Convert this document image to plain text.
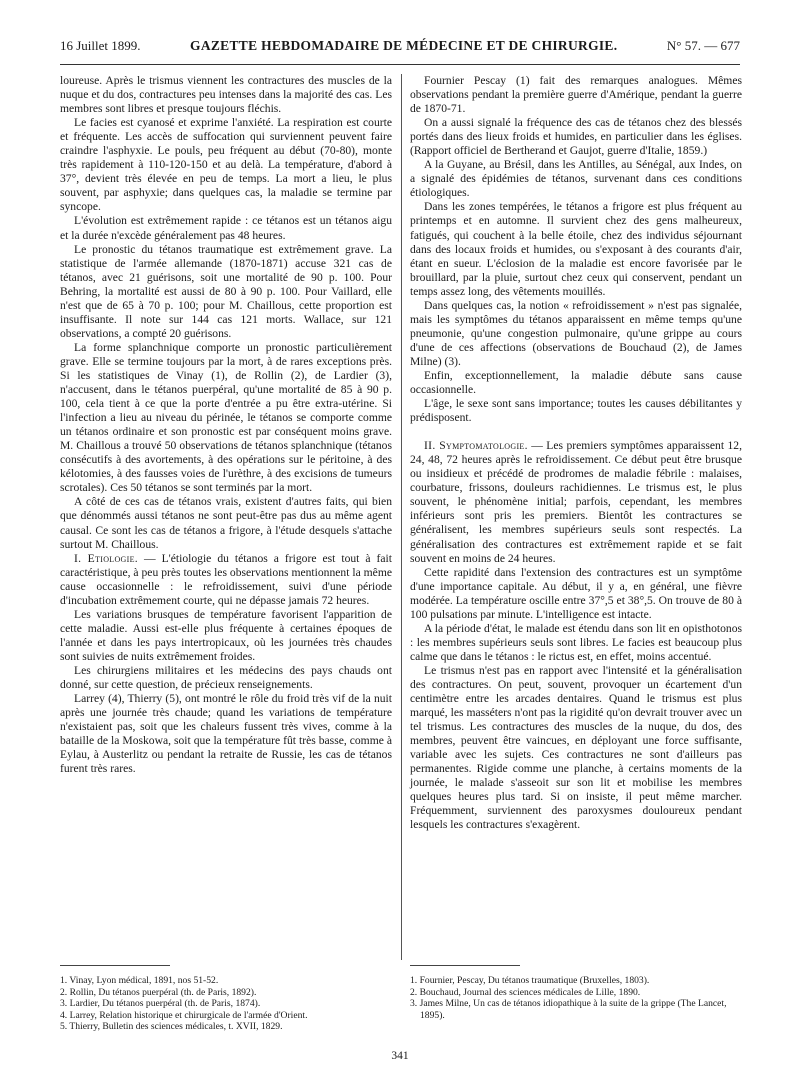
16 Juillet 1899.	GAZETTE HEBDOMADAIRE DE MÉDECINE ET DE CHIRURGIE.	N° 57. — 677

loureuse. Après le trismus viennent les contractures des muscles de la nuque et du dos, contractures peu intenses dans la majorité des cas. Les membres sont libres et presque toujours fléchis.

Le facies est cyanosé et exprime l'anxiété. La respiration est courte et fréquente. Les accès de suffocation qui surviennent peuvent faire craindre l'asphyxie. Le pouls, peu fréquent au début (70-80), monte très rapidement à 110-120-150 et au delà. La température, d'abord à 37°, devient très élevée en peu de temps. La mort a lieu, le plus souvent, par asphyxie; dans quelques cas, la maladie se termine par syncope.

L'évolution est extrêmement rapide : ce tétanos est un tétanos aigu et la durée n'excède généralement pas 48 heures.

Le pronostic du tétanos traumatique est extrêmement grave. La statistique de l'armée allemande (1870-1871) accuse 321 cas de tétanos, avec 21 guérisons, soit une mortalité de 90 p. 100. Pour Behring, la mortalité est aussi de 80 à 90 p. 100. Pour Vaillard, elle n'est que de 65 à 70 p. 100; pour M. Chaillous, cette proportion est insuffisante. Il note sur 144 cas 121 morts. Wallace, sur 121 observations, a compté 20 guérisons.

La forme splanchnique comporte un pronostic particulièrement grave. Elle se termine toujours par la mort, à de rares exceptions près. Si les statistiques de Vinay (1), de Rollin (2), de Lardier (3), n'accusent, dans le tétanos puerpéral, qu'une mortalité de 85 à 90 p. 100, cela tient à ce que la porte d'entrée a pu être extra-utérine. Si l'infection a lieu au niveau du périnée, le tétanos se comporte comme un tétanos ordinaire et son pronostic est par conséquent moins grave. M. Chaillous a trouvé 50 observations de tétanos splanchnique (tétanos consécutifs à des avortements, à des opérations sur le péritoine, à des kélotomies, à des fausses voies de l'urèthre, à des excisions de tumeurs scrotales). Ces 50 tétanos se sont terminés par la mort.

A côté de ces cas de tétanos vrais, existent d'autres faits, qui bien que dénommés aussi tétanos ne sont peut-être pas dus au même agent causal. Ce sont les cas de tétanos a frigore, à l'étude desquels s'attache surtout M. Chaillous.

I. Etiologie. — L'étiologie du tétanos a frigore est tout à fait caractéristique, à peu près toutes les observations mentionnent la même cause occasionnelle : le refroidissement, suivi d'une période d'incubation extrêmement courte, qui ne dépasse jamais 72 heures.

Les variations brusques de température favorisent l'apparition de cette maladie. Aussi est-elle plus fréquente à certaines époques de l'année et dans les pays intertropicaux, où les journées très chaudes sont suivies de nuits extrêmement froides.

Les chirurgiens militaires et les médecins des pays chauds ont donné, sur cette question, de précieux renseignements.

Larrey (4), Thierry (5), ont montré le rôle du froid très vif de la nuit après une journée très chaude; quand les variations de température n'existaient pas, soit que les chaleurs fussent très vives, comme à la bataille de la Moskowa, soit que la température fût très basse, comme à Eylau, à Austerlitz ou pendant la retraite de Russie, les cas de tétanos furent très rares.

Fournier Pescay (1) fait des remarques analogues. Mêmes observations pendant la première guerre d'Amérique, pendant la guerre de 1870-71.

On a aussi signalé la fréquence des cas de tétanos chez des blessés portés dans des lieux froids et humides, en particulier dans les églises. (Rapport officiel de Bertherand et Gaujot, guerre d'Italie, 1859.)

A la Guyane, au Brésil, dans les Antilles, au Sénégal, aux Indes, on a signalé des épidémies de tétanos, survenant dans ces conditions étiologiques.

Dans les zones tempérées, le tétanos a frigore est plus fréquent au printemps et en automne. Il survient chez des gens malheureux, fatigués, qui couchent à la belle étoile, chez des individus séjournant dans des locaux froids et humides, ou s'exposant à des courants d'air, étant en sueur. L'éclosion de la maladie est encore favorisée par le brouillard, par la pluie, surtout chez ceux qui conservent, pendant un temps assez long, des vêtements mouillés.

Dans quelques cas, la notion « refroidissement » n'est pas signalée, mais les symptômes du tétanos apparaissent en même temps qu'une pneumonie, qu'une congestion pulmonaire, qu'une grippe au cours d'une de ces affections (observations de Bouchaud (2), de James Milne) (3).

Enfin, exceptionnellement, la maladie débute sans cause occasionnelle.

L'âge, le sexe sont sans importance; toutes les causes débilitantes y prédisposent.

II. Symptomatologie. — Les premiers symptômes apparaissent 12, 24, 48, 72 heures après le refroidissement. Ce début peut être brusque ou insidieux et précédé de prodromes de maladie fébrile : malaises, courbature, frissons, douleurs rachidiennes. Le trismus est, le plus souvent, le phénomène initial; parfois, cependant, les membres inférieurs sont pris les premiers. Bientôt les contractures se généralisent, les membres supérieurs seuls sont respectés. La généralisation des contractures est extrêmement rapide et se fait souvent en moins de 24 heures.

Cette rapidité dans l'extension des contractures est un symptôme d'une importance capitale. Au début, il y a, en général, une fièvre modérée. La température oscille entre 37°,5 et 38°,5. On trouve de 80 à 100 pulsations par minute. L'intelligence est intacte.

A la période d'état, le malade est étendu dans son lit en opisthotonos : les membres supérieurs seuls sont libres. Le facies est beaucoup plus calme que dans le tétanos : le rictus est, en effet, moins accentué.

Le trismus n'est pas en rapport avec l'intensité et la généralisation des contractures. On peut, souvent, provoquer un écartement d'un centimètre entre les arcades dentaires. Quand le trismus est plus marqué, les masséters n'ont pas la rigidité qu'on devrait trouver avec un tel trismus. Les contractures des muscles de la nuque, du dos, des membres, peuvent être vaincues, en déployant une force suffisante, variable avec les sujets. Ces contractures ne sont d'ailleurs pas permanentes. Rigide comme une planche, à certains moments de la journée, le malade s'asseoit sur son lit et mobilise les membres quelques heures plus tard. Si on insiste, il peut même marcher. Fréquemment, surviennent des paroxysmes douloureux pendant lesquels les contractures s'exagèrent.

1. Vinay, Lyon médical, 1891, nos 51-52.
2. Rollin, Du tétanos puerpéral (th. de Paris, 1892).
3. Lardier, Du tétanos puerpéral (th. de Paris, 1874).
4. Larrey, Relation historique et chirurgicale de l'armée d'Orient.
5. Thierry, Bulletin des sciences médicales, t. XVII, 1829.
1. Fournier, Pescay, Du tétanos traumatique (Bruxelles, 1803).
2. Bouchaud, Journal des sciences médicales de Lille, 1890.
3. James Milne, Un cas de tétanos idiopathique à la suite de la grippe (The Lancet, 1895).
341
